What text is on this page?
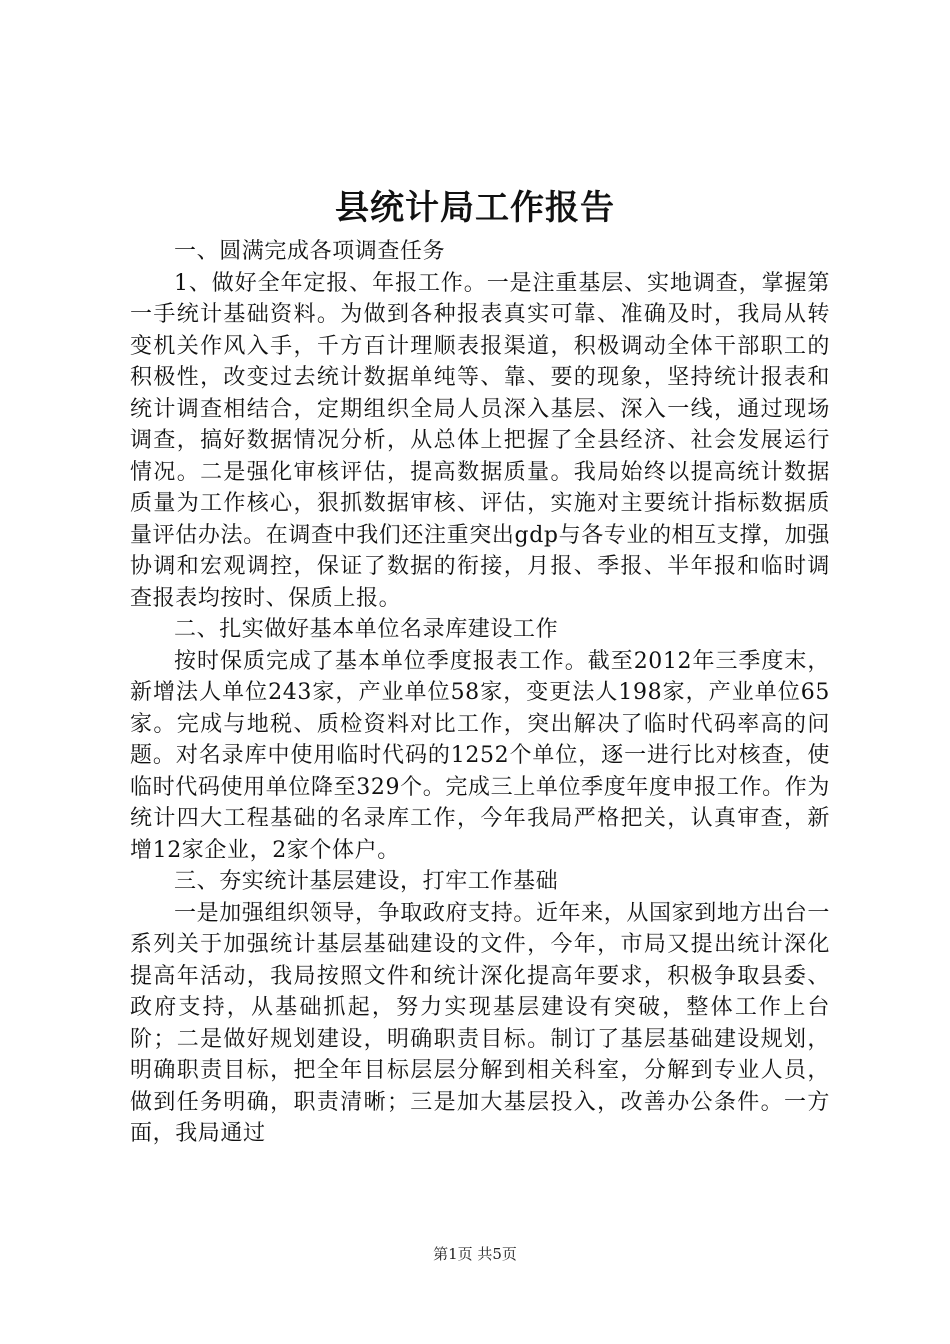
县统计局工作报告

一、圆满完成各项调查任务

1、做好全年定报、年报工作。一是注重基层、实地调查，掌握第一手统计基础资料。为做到各种报表真实可靠、准确及时，我局从转变机关作风入手，千方百计理顺表报渠道，积极调动全体干部职工的积极性，改变过去统计数据单纯等、靠、要的现象，坚持统计报表和统计调查相结合，定期组织全局人员深入基层、深入一线，通过现场调查，搞好数据情况分析，从总体上把握了全县经济、社会发展运行情况。二是强化审核评估，提高数据质量。我局始终以提高统计数据质量为工作核心，狠抓数据审核、评估，实施对主要统计指标数据质量评估办法。在调查中我们还注重突出gdp与各专业的相互支撑，加强协调和宏观调控，保证了数据的衔接，月报、季报、半年报和临时调查报表均按时、保质上报。

二、扎实做好基本单位名录库建设工作

按时保质完成了基本单位季度报表工作。截至2012年三季度末，新增法人单位243家，产业单位58家，变更法人198家，产业单位65家。完成与地税、质检资料对比工作，突出解决了临时代码率高的问题。对名录库中使用临时代码的1252个单位，逐一进行比对核查，使临时代码使用单位降至329个。完成三上单位季度年度申报工作。作为统计四大工程基础的名录库工作，今年我局严格把关，认真审查，新增12家企业，2家个体户。

三、夯实统计基层建设，打牢工作基础

一是加强组织领导，争取政府支持。近年来，从国家到地方出台一系列关于加强统计基层基础建设的文件，今年，市局又提出统计深化提高年活动，我局按照文件和统计深化提高年要求，积极争取县委、政府支持，从基础抓起，努力实现基层建设有突破，整体工作上台阶；二是做好规划建设，明确职责目标。制订了基层基础建设规划，明确职责目标，把全年目标层层分解到相关科室，分解到专业人员，做到任务明确，职责清晰；三是加大基层投入，改善办公条件。一方面，我局通过

第1页 共5页
